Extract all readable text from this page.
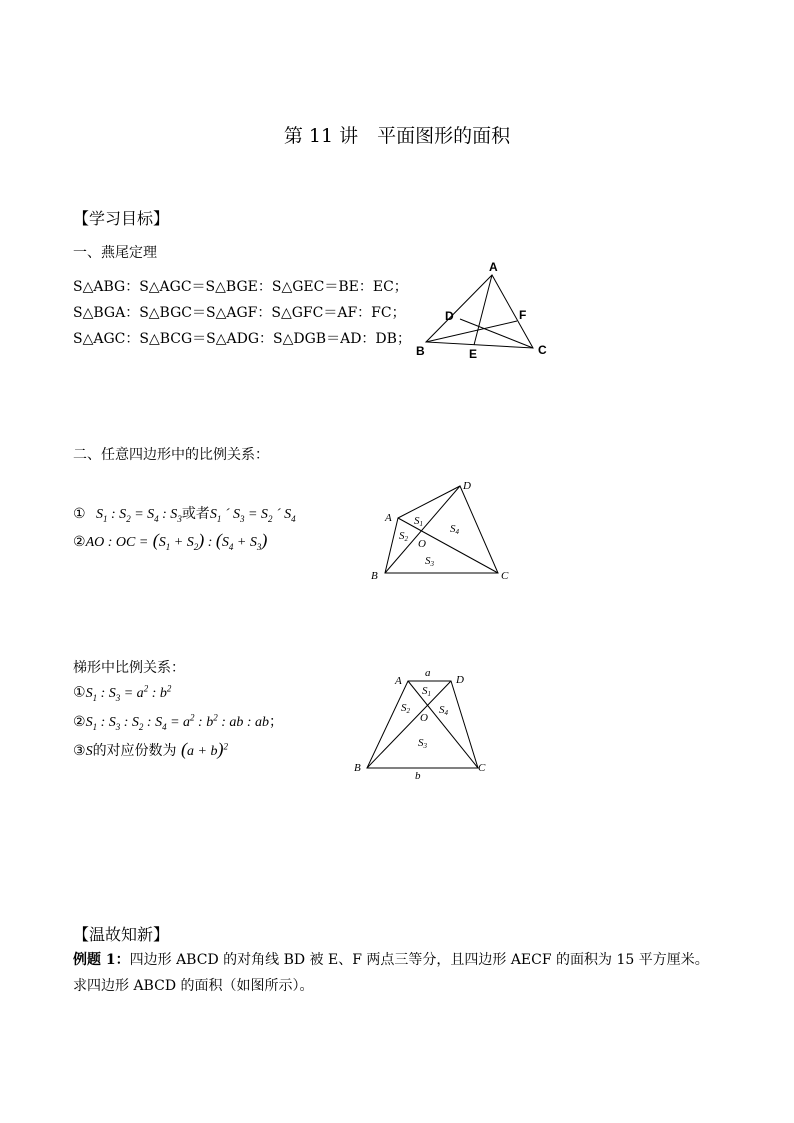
第 11 讲　平面图形的面积
【学习目标】
一、燕尾定理
S△ABG：S△AGC＝S△BGE：S△GEC＝BE：EC；
S△BGA：S△BGC＝S△AGF：S△GFC＝AF：FC；
S△AGC：S△BCG＝S△ADG：S△DGB＝AD：DB；
A
B	C
D
E
F
二、任意四边形中的比例关系：
① $S_1$ : $S_2 = S_4$ : $S_3$或者$S_1$ ´ $S_3 = S_2$ ´ $S_4$
②AO : OC = $(S_1 + S_2)$ : $(S_4 + S_3)$
A
B	C
D
O
S1
S2
S3
S4
梯形中比例关系：
$①S_1$ : $S_3 = a^2$ : $b^2$
$②S_1$ : $S_3$ : $S_2$ : $S_4 = a^2$ : $b^2$ : ab : ab；
③S的对应份数为 $(a + b)^2$
A
B	C
D
O
a
b
S1
S2	S4
S3
【温故知新】
例题 1：四边形 ABCD 的对角线 BD 被 E、F 两点三等分，且四边形 AECF 的面积为 15 平方厘米。
求四边形 ABCD 的面积（如图所示）。
